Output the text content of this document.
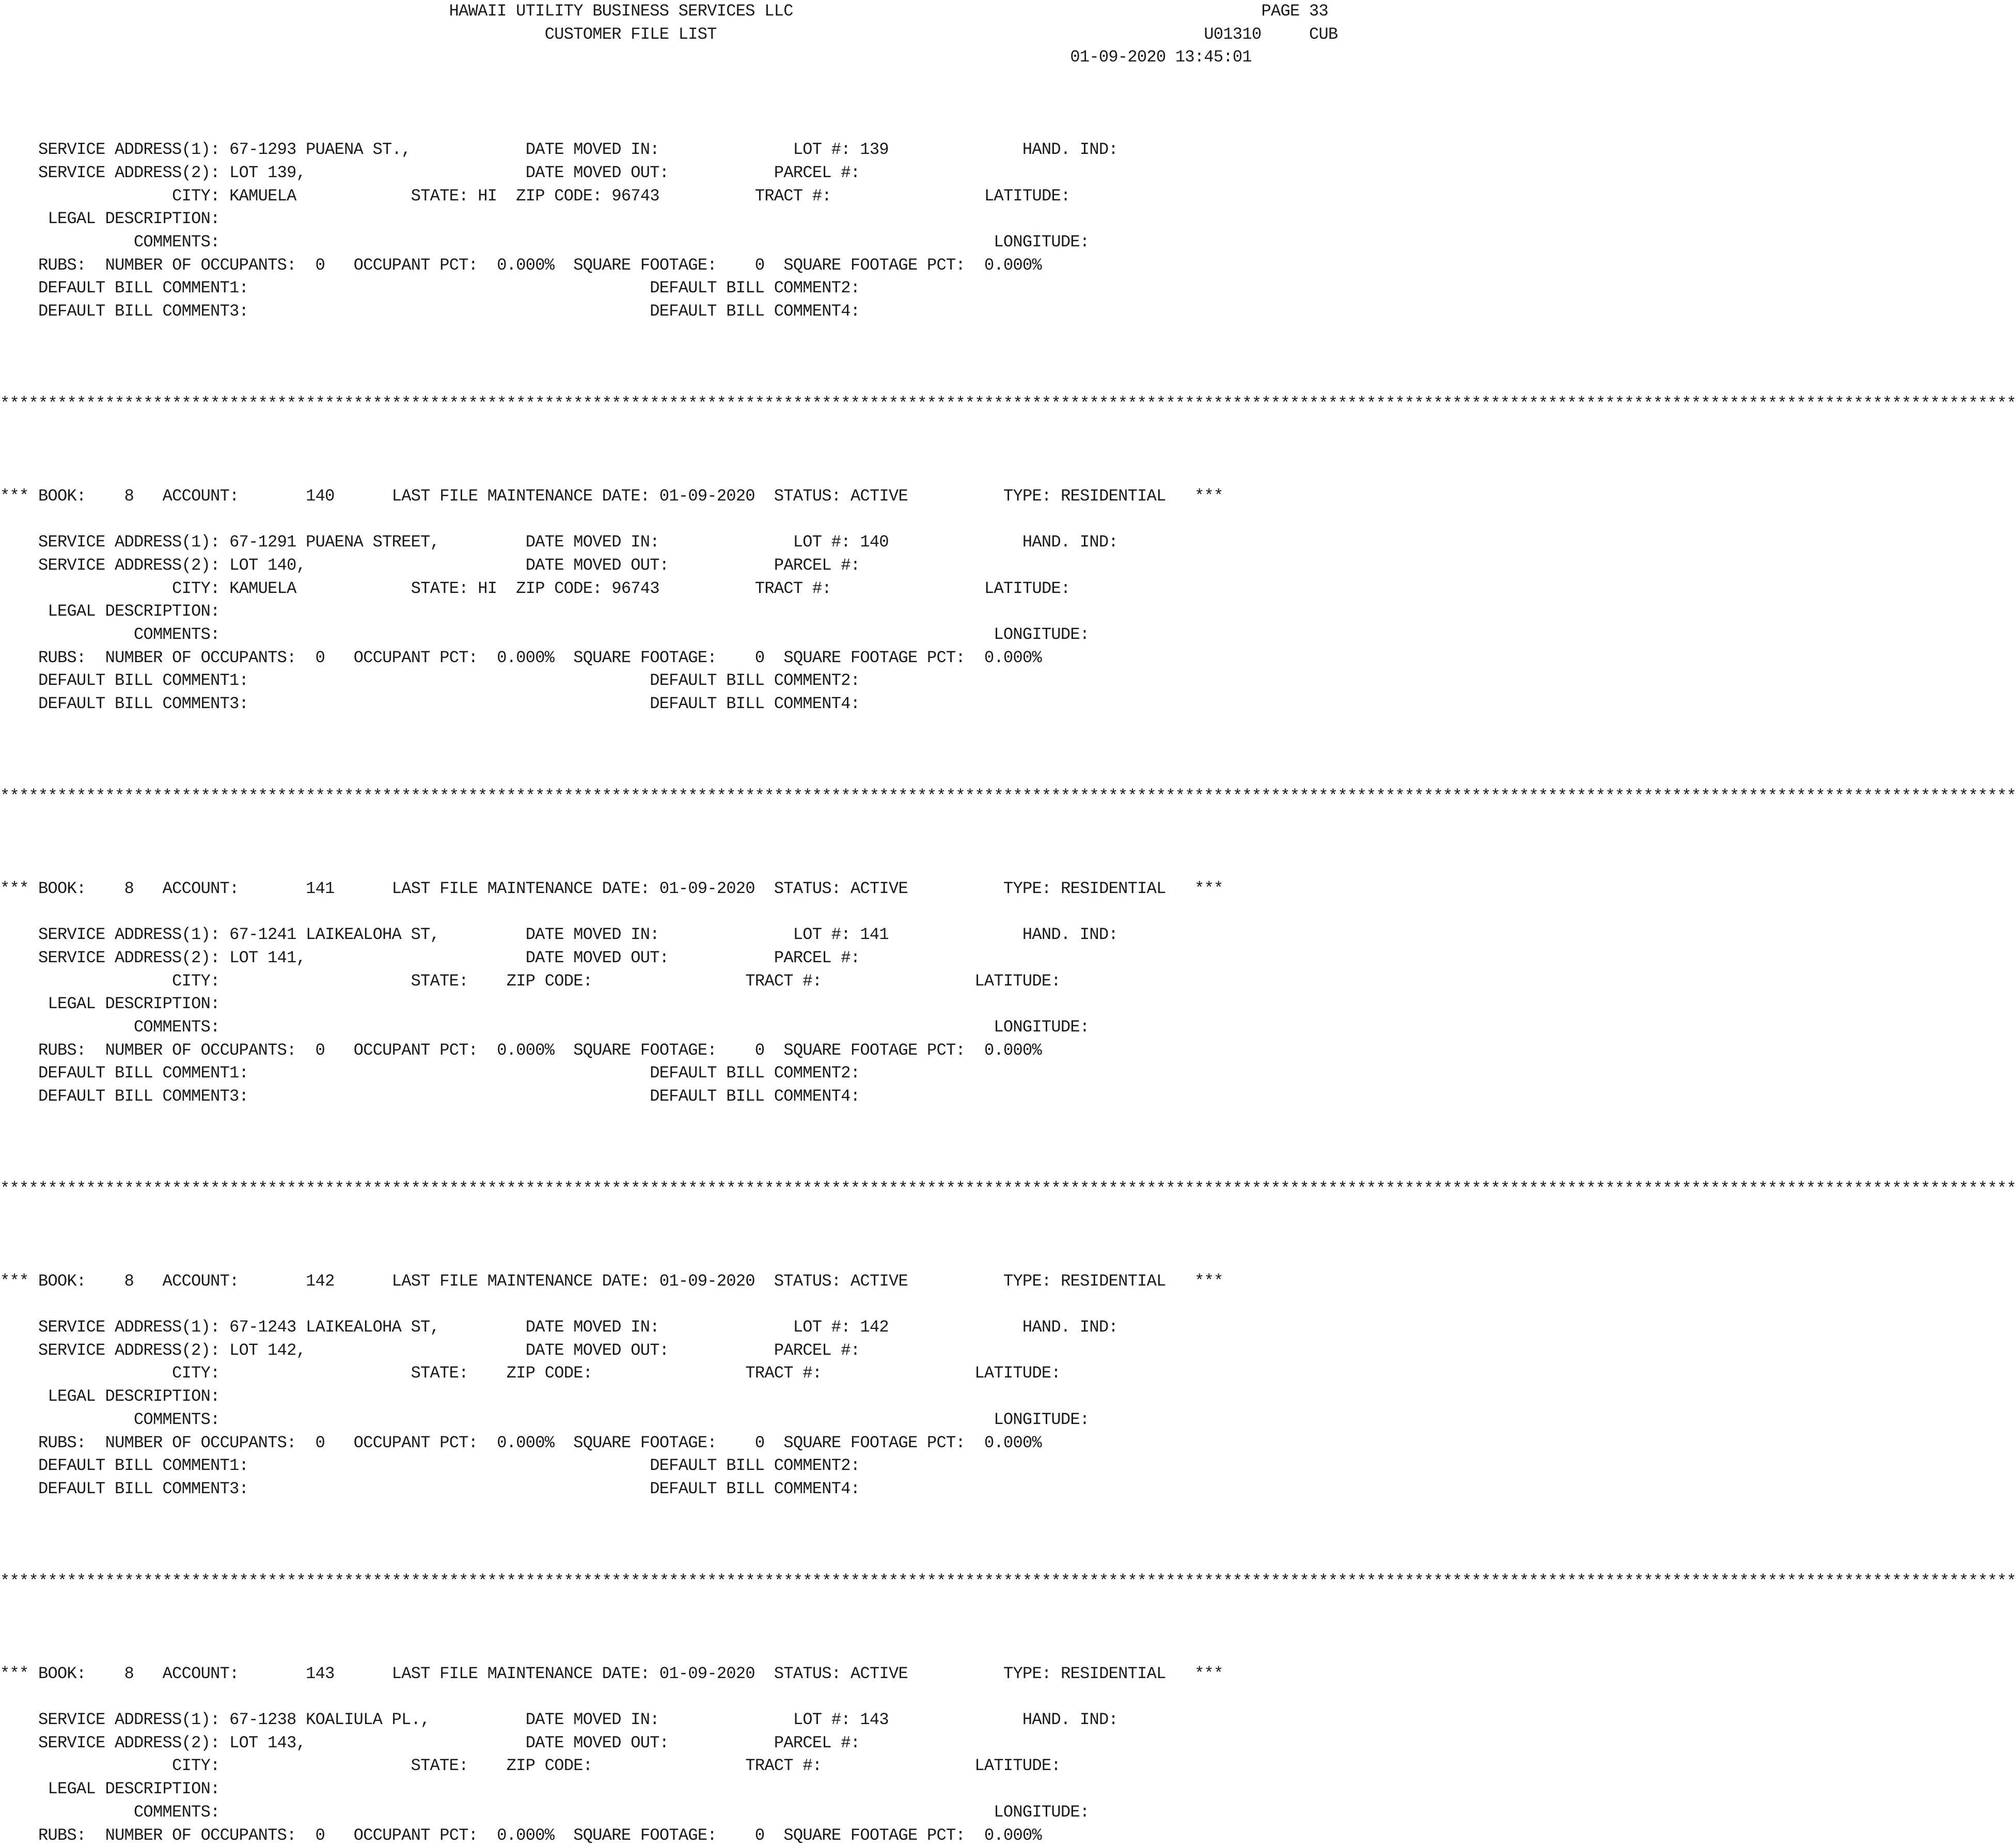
HAWAII UTILITY BUSINESS SERVICES LLC	PAGE 33
CUSTOMER FILE LIST	U01310	CUB
01-09-2020 13:45:01

SERVICE ADDRESS(1): 67-1293 PUAENA ST.,	DATE MOVED IN:	LOT #: 139	HAND. IND:
SERVICE ADDRESS(2): LOT 139,	DATE MOVED OUT:	PARCEL #:
CITY: KAMUELA	STATE: HI ZIP CODE: 96743	TRACT #:	LATITUDE:
LEGAL DESCRIPTION:
COMMENTS:	LONGITUDE:
RUBS: NUMBER OF OCCUPANTS: 0 OCCUPANT PCT: 0.000% SQUARE FOOTAGE: 0 SQUARE FOOTAGE PCT: 0.000%
DEFAULT BILL COMMENT1:	DEFAULT BILL COMMENT2:
DEFAULT BILL COMMENT3:	DEFAULT BILL COMMENT4:

*******************************************************************************************************************************************************************************************************************

*** BOOK: 8 ACCOUNT:	140	LAST FILE MAINTENANCE DATE: 01-09-2020 STATUS: ACTIVE	TYPE: RESIDENTIAL ***

SERVICE ADDRESS(1): 67-1291 PUAENA STREET,	DATE MOVED IN:	LOT #: 140	HAND. IND:
SERVICE ADDRESS(2): LOT 140,	DATE MOVED OUT:	PARCEL #:
CITY: KAMUELA	STATE: HI ZIP CODE: 96743	TRACT #:	LATITUDE:
LEGAL DESCRIPTION:
COMMENTS:	LONGITUDE:
RUBS: NUMBER OF OCCUPANTS: 0 OCCUPANT PCT: 0.000% SQUARE FOOTAGE: 0 SQUARE FOOTAGE PCT: 0.000%
DEFAULT BILL COMMENT1:	DEFAULT BILL COMMENT2:
DEFAULT BILL COMMENT3:	DEFAULT BILL COMMENT4:

*******************************************************************************************************************************************************************************************************************

*** BOOK: 8 ACCOUNT:	141	LAST FILE MAINTENANCE DATE: 01-09-2020 STATUS: ACTIVE	TYPE: RESIDENTIAL ***

SERVICE ADDRESS(1): 67-1241 LAIKEALOHA ST,	DATE MOVED IN:	LOT #: 141	HAND. IND:
SERVICE ADDRESS(2): LOT 141,	DATE MOVED OUT:	PARCEL #:
CITY:	STATE: ZIP CODE:	TRACT #:	LATITUDE:
LEGAL DESCRIPTION:
COMMENTS:	LONGITUDE:
RUBS: NUMBER OF OCCUPANTS: 0 OCCUPANT PCT: 0.000% SQUARE FOOTAGE: 0 SQUARE FOOTAGE PCT: 0.000%
DEFAULT BILL COMMENT1:	DEFAULT BILL COMMENT2:
DEFAULT BILL COMMENT3:	DEFAULT BILL COMMENT4:

*******************************************************************************************************************************************************************************************************************

*** BOOK: 8 ACCOUNT:	142	LAST FILE MAINTENANCE DATE: 01-09-2020 STATUS: ACTIVE	TYPE: RESIDENTIAL ***

SERVICE ADDRESS(1): 67-1243 LAIKEALOHA ST,	DATE MOVED IN:	LOT #: 142	HAND. IND:
SERVICE ADDRESS(2): LOT 142,	DATE MOVED OUT:	PARCEL #:
CITY:	STATE: ZIP CODE:	TRACT #:	LATITUDE:
LEGAL DESCRIPTION:
COMMENTS:	LONGITUDE:
RUBS: NUMBER OF OCCUPANTS: 0 OCCUPANT PCT: 0.000% SQUARE FOOTAGE: 0 SQUARE FOOTAGE PCT: 0.000%
DEFAULT BILL COMMENT1:	DEFAULT BILL COMMENT2:
DEFAULT BILL COMMENT3:	DEFAULT BILL COMMENT4:

*******************************************************************************************************************************************************************************************************************

*** BOOK: 8 ACCOUNT:	143	LAST FILE MAINTENANCE DATE: 01-09-2020 STATUS: ACTIVE	TYPE: RESIDENTIAL ***

SERVICE ADDRESS(1): 67-1238 KOALIULA PL.,	DATE MOVED IN:	LOT #: 143	HAND. IND:
SERVICE ADDRESS(2): LOT 143,	DATE MOVED OUT:	PARCEL #:
CITY:	STATE: ZIP CODE:	TRACT #:	LATITUDE:
LEGAL DESCRIPTION:
COMMENTS:	LONGITUDE:
RUBS: NUMBER OF OCCUPANTS: 0 OCCUPANT PCT: 0.000% SQUARE FOOTAGE: 0 SQUARE FOOTAGE PCT: 0.000%
